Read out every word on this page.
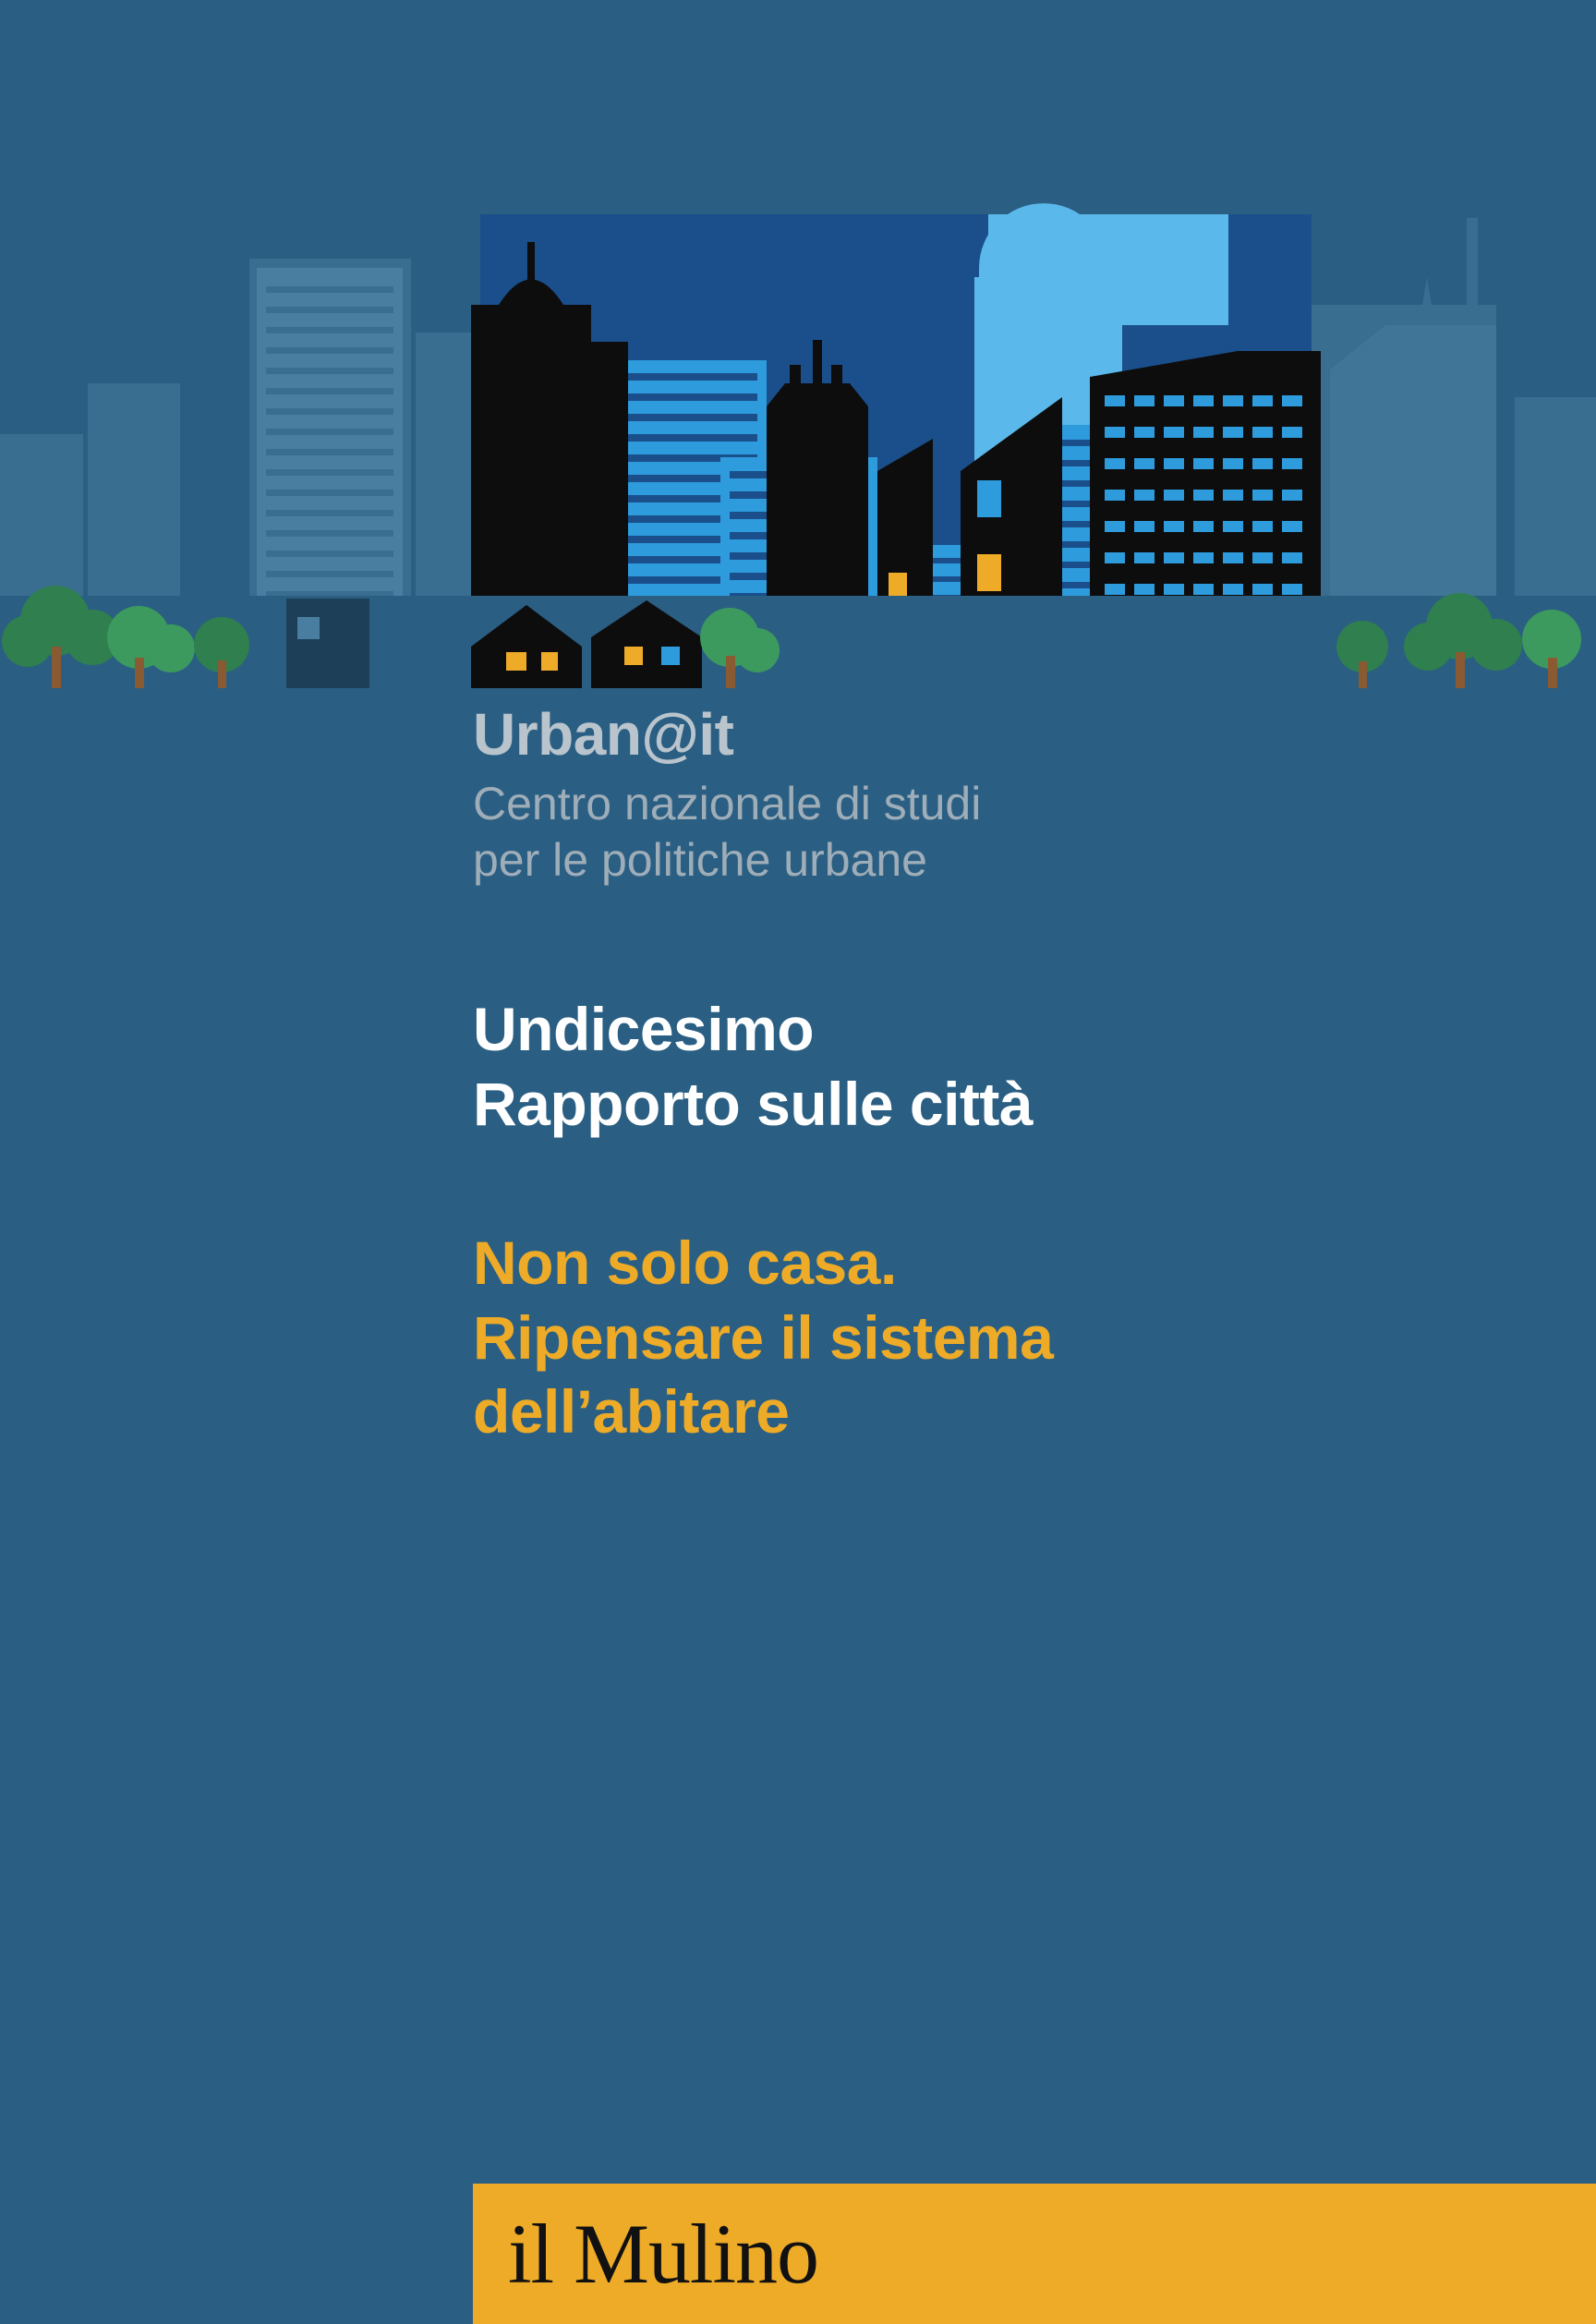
Urban@it
Centro nazionale di studi
per le politiche urbane
Undicesimo
Rapporto sulle città
Non solo casa.
Ripensare il sistema
dell’abitare
il Mulino
